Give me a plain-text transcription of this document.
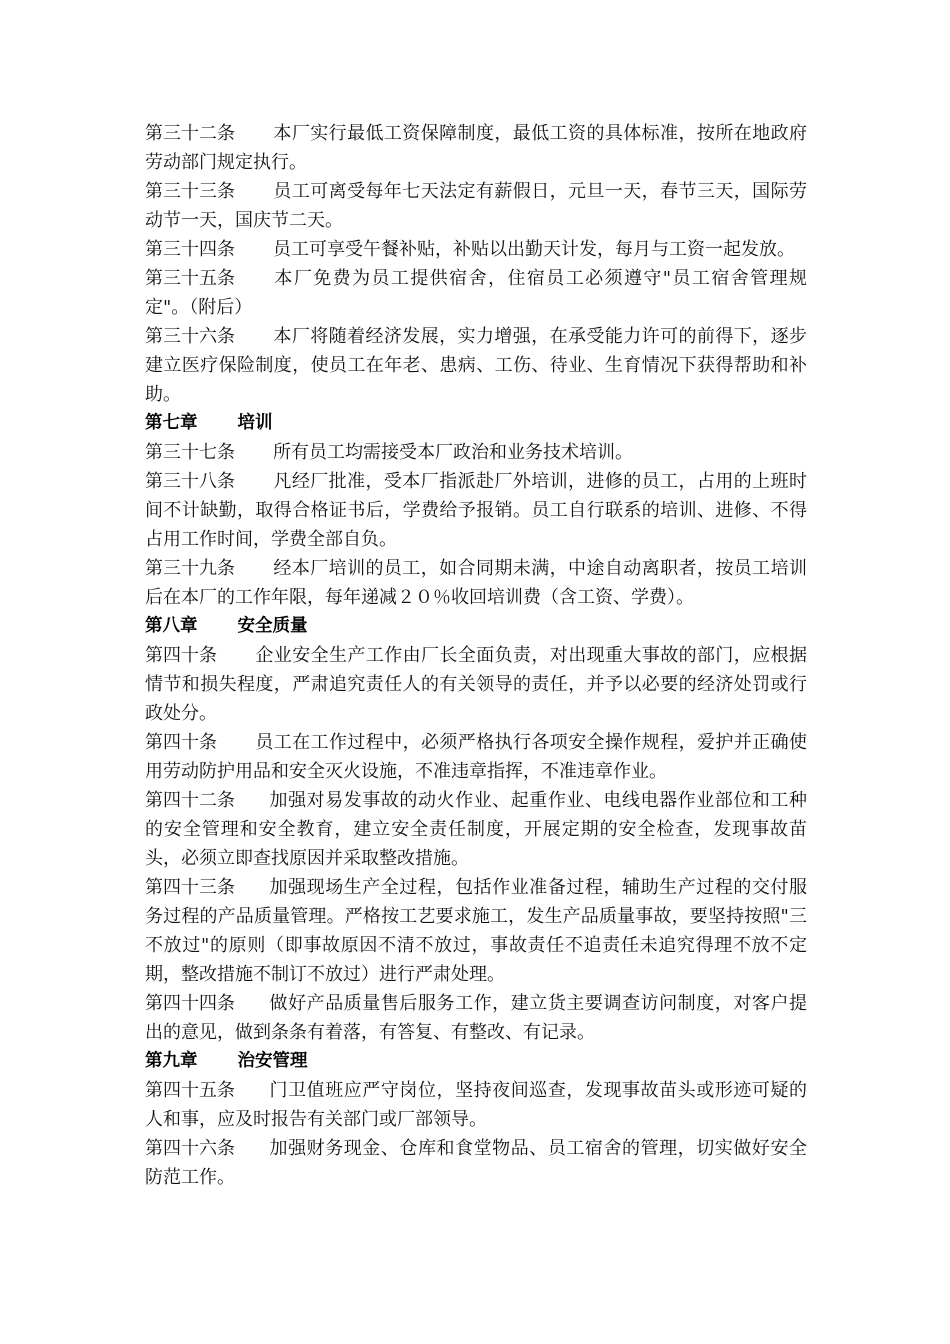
第三十二条 本厂实行最低工资保障制度，最低工资的具体标准，按所在地政府劳动部门规定执行。

第三十三条 员工可离受每年七天法定有薪假日，元旦一天，春节三天，国际劳动节一天，国庆节二天。

第三十四条 员工可享受午餐补贴，补贴以出勤天计发，每月与工资一起发放。

第三十五条 本厂免费为员工提供宿舍，住宿员工必须遵守"员工宿舍管理规定"。（附后）

第三十六条 本厂将随着经济发展，实力增强，在承受能力许可的前得下，逐步建立医疗保险制度，使员工在年老、患病、工伤、待业、生育情况下获得帮助和补助。

第七章 培训

第三十七条 所有员工均需接受本厂政治和业务技术培训。

第三十八条 凡经厂批准，受本厂指派赴厂外培训，进修的员工，占用的上班时间不计缺勤，取得合格证书后，学费给予报销。员工自行联系的培训、进修、不得占用工作时间，学费全部自负。

第三十九条 经本厂培训的员工，如合同期未满，中途自动离职者，按员工培训后在本厂的工作年限，每年递减２０％收回培训费（含工资、学费）。

第八章 安全质量

第四十条 企业安全生产工作由厂长全面负责，对出现重大事故的部门，应根据情节和损失程度，严肃追究责任人的有关领导的责任，并予以必要的经济处罚或行政处分。

第四十条 员工在工作过程中，必须严格执行各项安全操作规程，爱护并正确使用劳动防护用品和安全灭火设施，不准违章指挥，不准违章作业。

第四十二条 加强对易发事故的动火作业、起重作业、电线电器作业部位和工种的安全管理和安全教育，建立安全责任制度，开展定期的安全检查，发现事故苗头，必须立即查找原因并采取整改措施。

第四十三条 加强现场生产全过程，包括作业准备过程，辅助生产过程的交付服务过程的产品质量管理。严格按工艺要求施工，发生产品质量事故，要坚持按照"三不放过"的原则（即事故原因不清不放过，事故责任不追责任未追究得理不放不定期，整改措施不制订不放过）进行严肃处理。

第四十四条 做好产品质量售后服务工作，建立货主要调查访问制度，对客户提出的意见，做到条条有着落，有答复、有整改、有记录。

第九章 治安管理

第四十五条 门卫值班应严守岗位，坚持夜间巡查，发现事故苗头或形迹可疑的人和事，应及时报告有关部门或厂部领导。

第四十六条 加强财务现金、仓库和食堂物品、员工宿舍的管理，切实做好安全防范工作。
